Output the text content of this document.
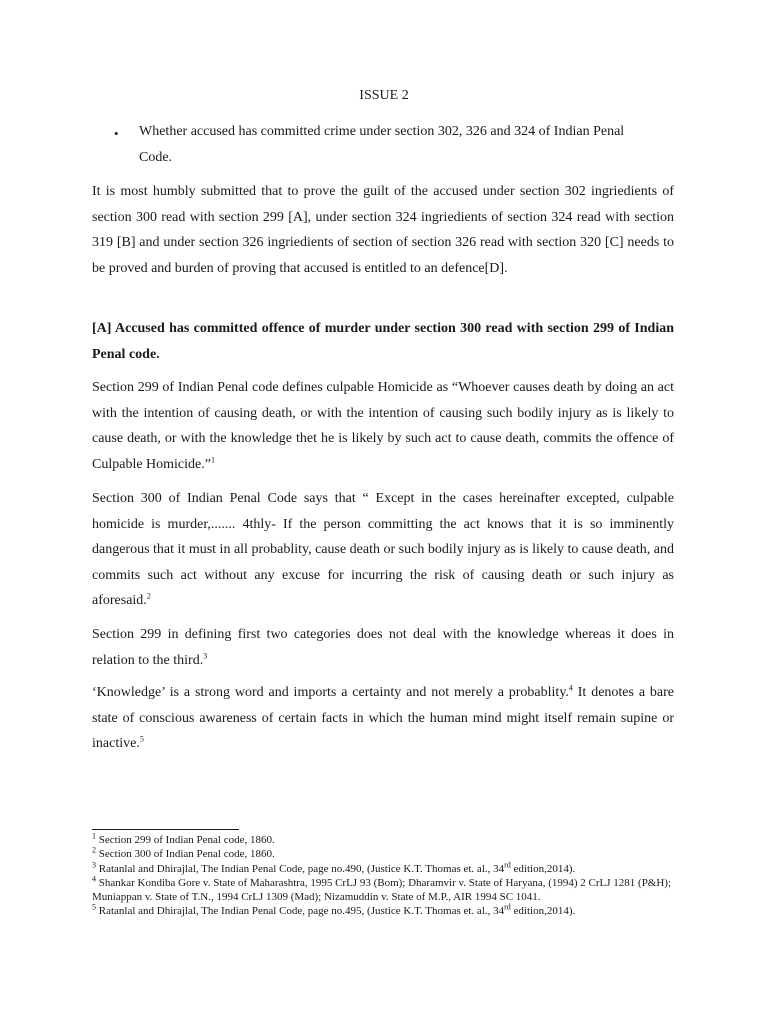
ISSUE 2
• Whether accused has committed crime under section 302, 326 and 324 of Indian Penal Code.

It is most humbly submitted that to prove the guilt of the accused under section 302 ingriedients of section 300 read with section 299 [A], under section 324 ingriedients of section 324 read with section 319 [B] and under section 326 ingriedients of section of section 326 read with section 320 [C] needs to be proved and burden of proving that accused is entitled to an defence[D].

[A] Accused has committed offence of murder under section 300 read with section 299 of Indian Penal code.

Section 299 of Indian Penal code defines culpable Homicide as “Whoever causes death by doing an act with the intention of causing death, or with the intention of causing such bodily injury as is likely to cause death, or with the knowledge thet he is likely by such act to cause death, commits the offence of Culpable Homicide.”$^1$

Section 300 of Indian Penal Code says that “ Except in the cases hereinafter excepted, culpable homicide is murder,....... 4thly- If the person committing the act knows that it is so imminently dangerous that it must in all probablity, cause death or such bodily injury as is likely to cause death, and commits such act without any excuse for incurring the risk of causing death or such injury as aforesaid.$^2$

Section 299 in defining first two categories does not deal with the knowledge whereas it does in relation to the third.$^3$

‘Knowledge’ is a strong word and imports a certainty and not merely a probablity.$^4$ It denotes a bare state of conscious awareness of certain facts in which the human mind might itself remain supine or inactive.$^5$

$^1$ Section 299 of Indian Penal code, 1860.

$^2$ Section 300 of Indian Penal code, 1860.

$^3$ Ratanlal and Dhirajlal, The Indian Penal Code, page no.490, (Justice K.T. Thomas et. al., 34rd edition,2014).

$^4$ Shankar Kondiba Gore v. State of Maharashtra, 1995 CrLJ 93 (Bom); Dharamvir v. State of Haryana, (1994) 2 CrLJ 1281 (P&H); Muniappan v. State of T.N., 1994 CrLJ 1309 (Mad); Nizamuddin v. State of M.P., AIR 1994 SC 1041.

$^5$ Ratanlal and Dhirajlal, The Indian Penal Code, page no.495, (Justice K.T. Thomas et. al., 34rd edition,2014).
